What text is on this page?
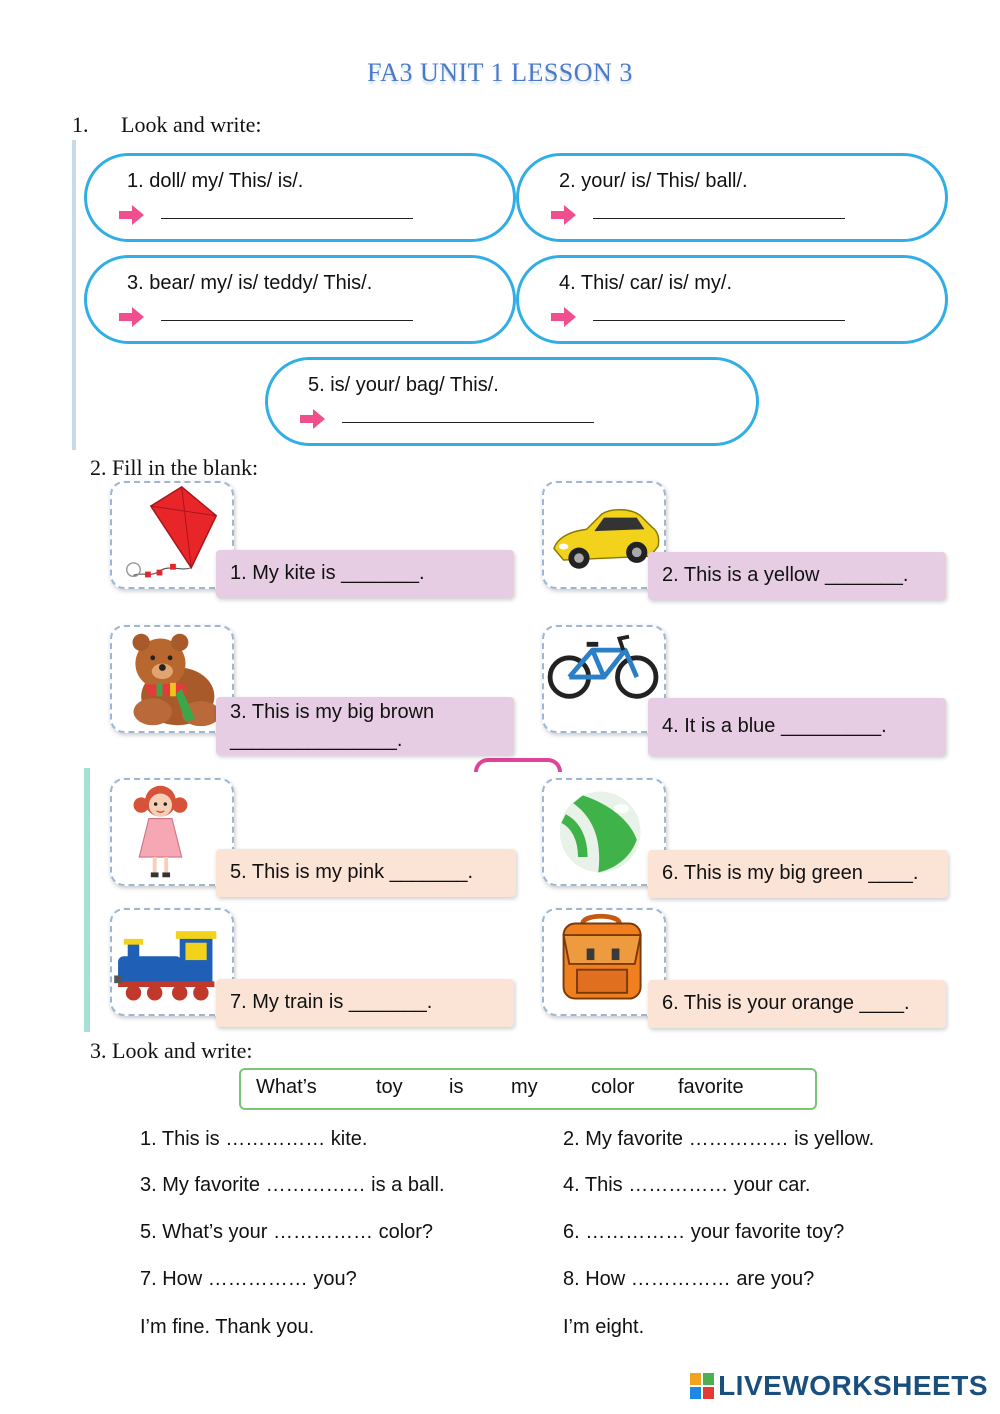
FA3 UNIT 1 LESSON 3
1. Look and write:
1. doll/ my/ This/ is/.	2. your/ is/ This/ ball/.
3. bear/ my/ is/ teddy/ This/.	4. This/ car/ is/ my/.
5. is/ your/ bag/ This/.
2. Fill in the blank:
1. My kite is _______.	2. This is a yellow _______.
3. This is my big brown
_______________.
4. It is a blue _________.
5. This is my pink _______.	6. This is my big green ____.
7. My train is _______.	6. This is your orange ____.
3. Look and write:
What’s	toy is my	color favorite
1. This is …………… kite.
3. My favorite …………… is a ball.
5. What’s your …………… color?
7. How …………… you?
I’m fine. Thank you.
2. My favorite …………… is yellow.
4. This …………… your car.
6. …………… your favorite toy?
8. How …………… are you?
I’m eight.
LIVEWORKSHEETS
